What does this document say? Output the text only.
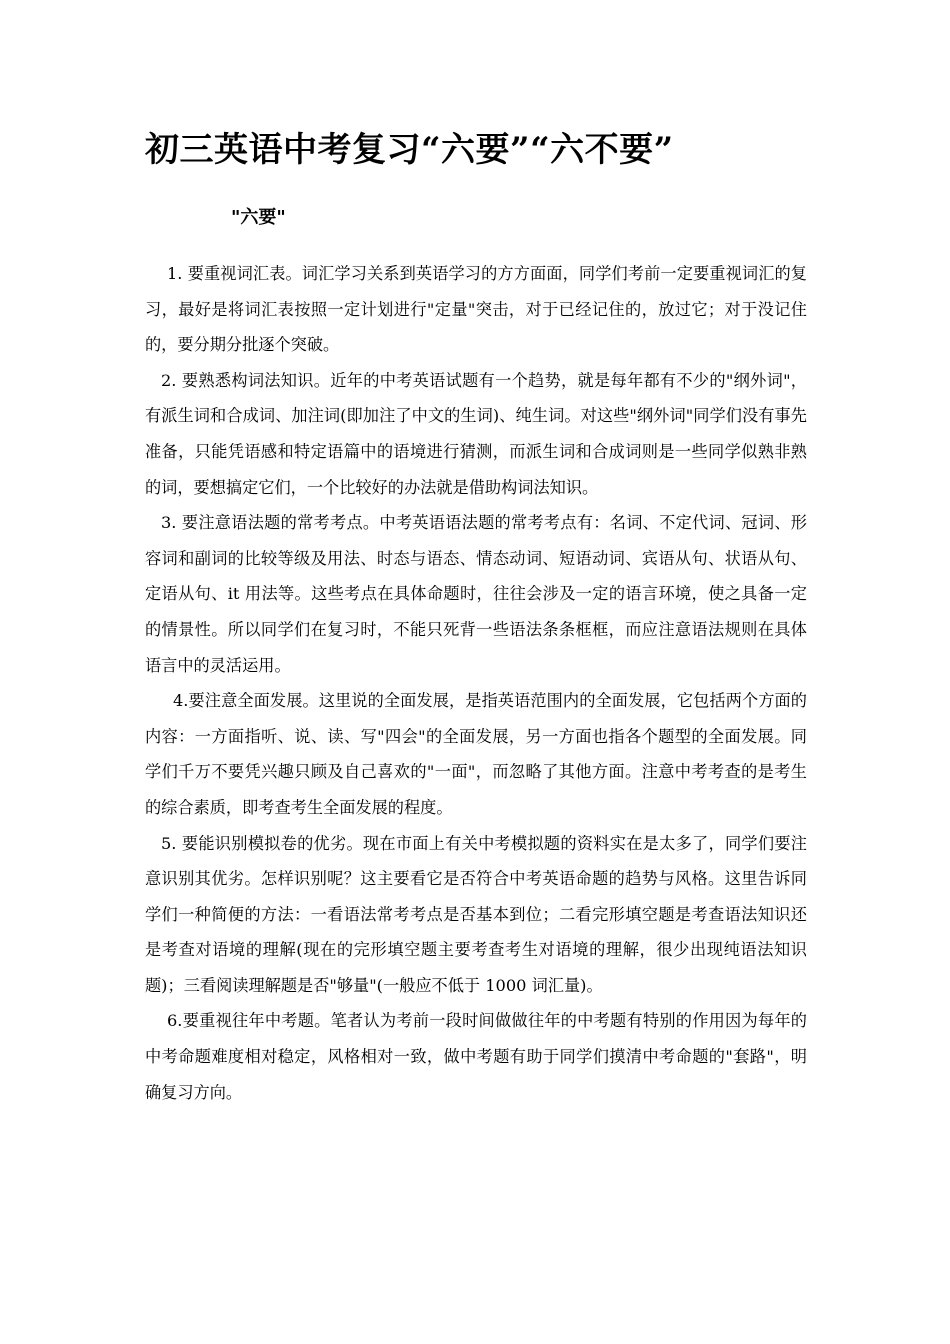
初三英语中考复习“六要”“六不要”
"六要"

1. 要重视词汇表。词汇学习关系到英语学习的方方面面，同学们考前一定要重视词汇的复习，最好是将词汇表按照一定计划进行"定量"突击，对于已经记住的，放过它；对于没记住的，要分期分批逐个突破。

2. 要熟悉构词法知识。近年的中考英语试题有一个趋势，就是每年都有不少的"纲外词"，有派生词和合成词、加注词(即加注了中文的生词)、纯生词。对这些"纲外词"同学们没有事先准备，只能凭语感和特定语篇中的语境进行猜测，而派生词和合成词则是一些同学似熟非熟的词，要想搞定它们，一个比较好的办法就是借助构词法知识。

3. 要注意语法题的常考考点。中考英语语法题的常考考点有：名词、不定代词、冠词、形容词和副词的比较等级及用法、时态与语态、情态动词、短语动词、宾语从句、状语从句、定语从句、it 用法等。这些考点在具体命题时，往往会涉及一定的语言环境，使之具备一定的情景性。所以同学们在复习时，不能只死背一些语法条条框框，而应注意语法规则在具体语言中的灵活运用。

4.要注意全面发展。这里说的全面发展，是指英语范围内的全面发展，它包括两个方面的内容：一方面指听、说、读、写"四会"的全面发展，另一方面也指各个题型的全面发展。同学们千万不要凭兴趣只顾及自己喜欢的"一面"，而忽略了其他方面。注意中考考查的是考生的综合素质，即考查考生全面发展的程度。

5. 要能识别模拟卷的优劣。现在市面上有关中考模拟题的资料实在是太多了，同学们要注意识别其优劣。怎样识别呢？这主要看它是否符合中考英语命题的趋势与风格。这里告诉同学们一种简便的方法：一看语法常考考点是否基本到位；二看完形填空题是考查语法知识还是考查对语境的理解(现在的完形填空题主要考查考生对语境的理解，很少出现纯语法知识题)；三看阅读理解题是否"够量"(一般应不低于 1000 词汇量)。

6.要重视往年中考题。笔者认为考前一段时间做做往年的中考题有特别的作用因为每年的中考命题难度相对稳定，风格相对一致，做中考题有助于同学们摸清中考命题的"套路"，明确复习方向。
